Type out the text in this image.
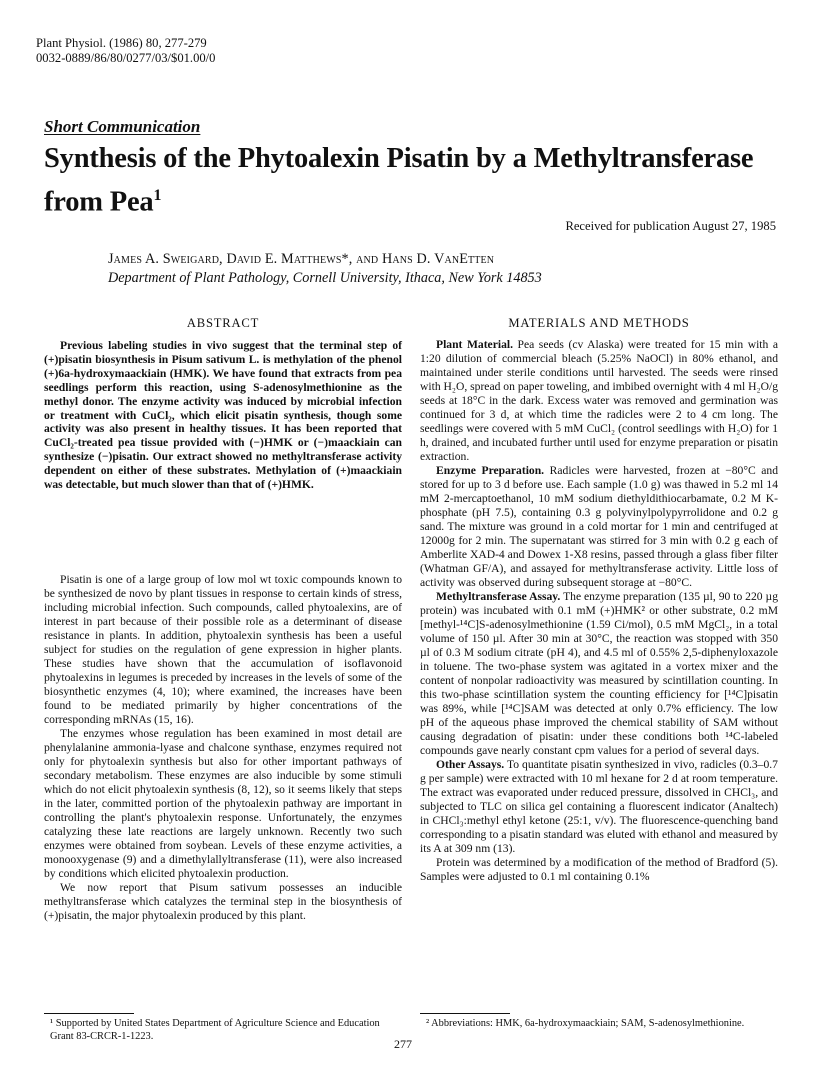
Plant Physiol. (1986) 80, 277-279
0032-0889/86/80/0277/03/$01.00/0
Short Communication
Synthesis of the Phytoalexin Pisatin by a Methyltransferase from Pea$^1$
Received for publication August 27, 1985
James A. Sweigard, David E. Matthews*, and Hans D. VanEtten
Department of Plant Pathology, Cornell University, Ithaca, New York 14853
ABSTRACT

Previous labeling studies in vivo suggest that the terminal step of (+)pisatin biosynthesis in Pisum sativum L. is methylation of the phenol (+)6a-hydroxymaackiain (HMK). We have found that extracts from pea seedlings perform this reaction, using S-adenosylmethionine as the methyl donor. The enzyme activity was induced by microbial infection or treatment with CuCl₂, which elicit pisatin synthesis, though some activity was also present in healthy tissues. It has been reported that CuCl₂-treated pea tissue provided with (−)HMK or (−)maackiain can synthesize (−)pisatin. Our extract showed no methyltransferase activity dependent on either of these substrates. Methylation of (+)maackiain was detectable, but much slower than that of (+)HMK.

Pisatin is one of a large group of low mol wt toxic compounds known to be synthesized de novo by plant tissues in response to certain kinds of stress, including microbial infection. Such compounds, called phytoalexins, are of interest in part because of their possible role as a determinant of disease resistance in plants. In addition, phytoalexin synthesis has been a useful subject for studies on the regulation of gene expression in higher plants. These studies have shown that the accumulation of isoflavonoid phytoalexins in legumes is preceded by increases in the levels of some of the biosynthetic enzymes (4, 10); where examined, the increases have been found to be mediated primarily by higher concentrations of the corresponding mRNAs (15, 16).

The enzymes whose regulation has been examined in most detail are phenylalanine ammonia-lyase and chalcone synthase, enzymes required not only for phytoalexin synthesis but also for other important pathways of secondary metabolism. These enzymes are also inducible by some stimuli which do not elicit phytoalexin synthesis (8, 12), so it seems likely that steps in the later, committed portion of the phytoalexin pathway are important in controlling the plant's phytoalexin response. Unfortunately, the enzymes catalyzing these late reactions are largely unknown. Recently two such enzymes were obtained from soybean. Levels of these enzyme activities, a monooxygenase (9) and a dimethylallyltransferase (11), were also increased by conditions which elicited phytoalexin production.

We now report that Pisum sativum possesses an inducible methyltransferase which catalyzes the terminal step in the biosynthesis of (+)pisatin, the major phytoalexin produced by this plant.

¹ Supported by United States Department of Agriculture Science and Education Grant 83-CRCR-1-1223.
MATERIALS AND METHODS

Plant Material. Pea seeds (cv Alaska) were treated for 15 min with a 1:20 dilution of commercial bleach (5.25% NaOCl) in 80% ethanol, and maintained under sterile conditions until harvested. The seeds were rinsed with H₂O, spread on paper toweling, and imbibed overnight with 4 ml H₂O/g seeds at 18°C in the dark. Excess water was removed and germination was continued for 3 d, at which time the radicles were 2 to 4 cm long. The seedlings were covered with 5 mM CuCl₂ (control seedlings with H₂O) for 1 h, drained, and incubated further until used for enzyme preparation or pisatin extraction.

Enzyme Preparation. Radicles were harvested, frozen at −80°C and stored for up to 3 d before use. Each sample (1.0 g) was thawed in 5.2 ml 14 mM 2-mercaptoethanol, 10 mM sodium diethyldithiocarbamate, 0.2 M K-phosphate (pH 7.5), containing 0.3 g polyvinylpolypyrrolidone and 0.2 g sand. The mixture was ground in a cold mortar for 1 min and centrifuged at 12000g for 2 min. The supernatant was stirred for 3 min with 0.2 g each of Amberlite XAD-4 and Dowex 1-X8 resins, passed through a glass fiber filter (Whatman GF/A), and assayed for methyltransferase activity. Little loss of activity was observed during subsequent storage at −80°C.

Methyltransferase Assay. The enzyme preparation (135 µl, 90 to 220 µg protein) was incubated with 0.1 mM (+)HMK² or other substrate, 0.2 mM [methyl-¹⁴C]S-adenosylmethionine (1.59 Ci/mol), 0.5 mM MgCl₂, in a total volume of 150 µl. After 30 min at 30°C, the reaction was stopped with 350 µl of 0.3 M sodium citrate (pH 4), and 4.5 ml of 0.55% 2,5-diphenyloxazole in toluene. The two-phase system was agitated in a vortex mixer and the content of nonpolar radioactivity was measured by scintillation counting. In this two-phase scintillation system the counting efficiency for [¹⁴C]pisatin was 89%, while [¹⁴C]SAM was detected at only 0.7% efficiency. The low pH of the aqueous phase improved the chemical stability of SAM without causing degradation of pisatin: under these conditions both ¹⁴C-labeled compounds gave nearly constant cpm values for a period of several days.

Other Assays. To quantitate pisatin synthesized in vivo, radicles (0.3–0.7 g per sample) were extracted with 10 ml hexane for 2 d at room temperature. The extract was evaporated under reduced pressure, dissolved in CHCl₃, and subjected to TLC on silica gel containing a fluorescent indicator (Analtech) in CHCl₃:methyl ethyl ketone (25:1, v/v). The fluorescence-quenching band corresponding to a pisatin standard was eluted with ethanol and measured by its A at 309 nm (13).

Protein was determined by a modification of the method of Bradford (5). Samples were adjusted to 0.1 ml containing 0.1%

² Abbreviations: HMK, 6a-hydroxymaackiain; SAM, S-adenosylmethionine.
277
